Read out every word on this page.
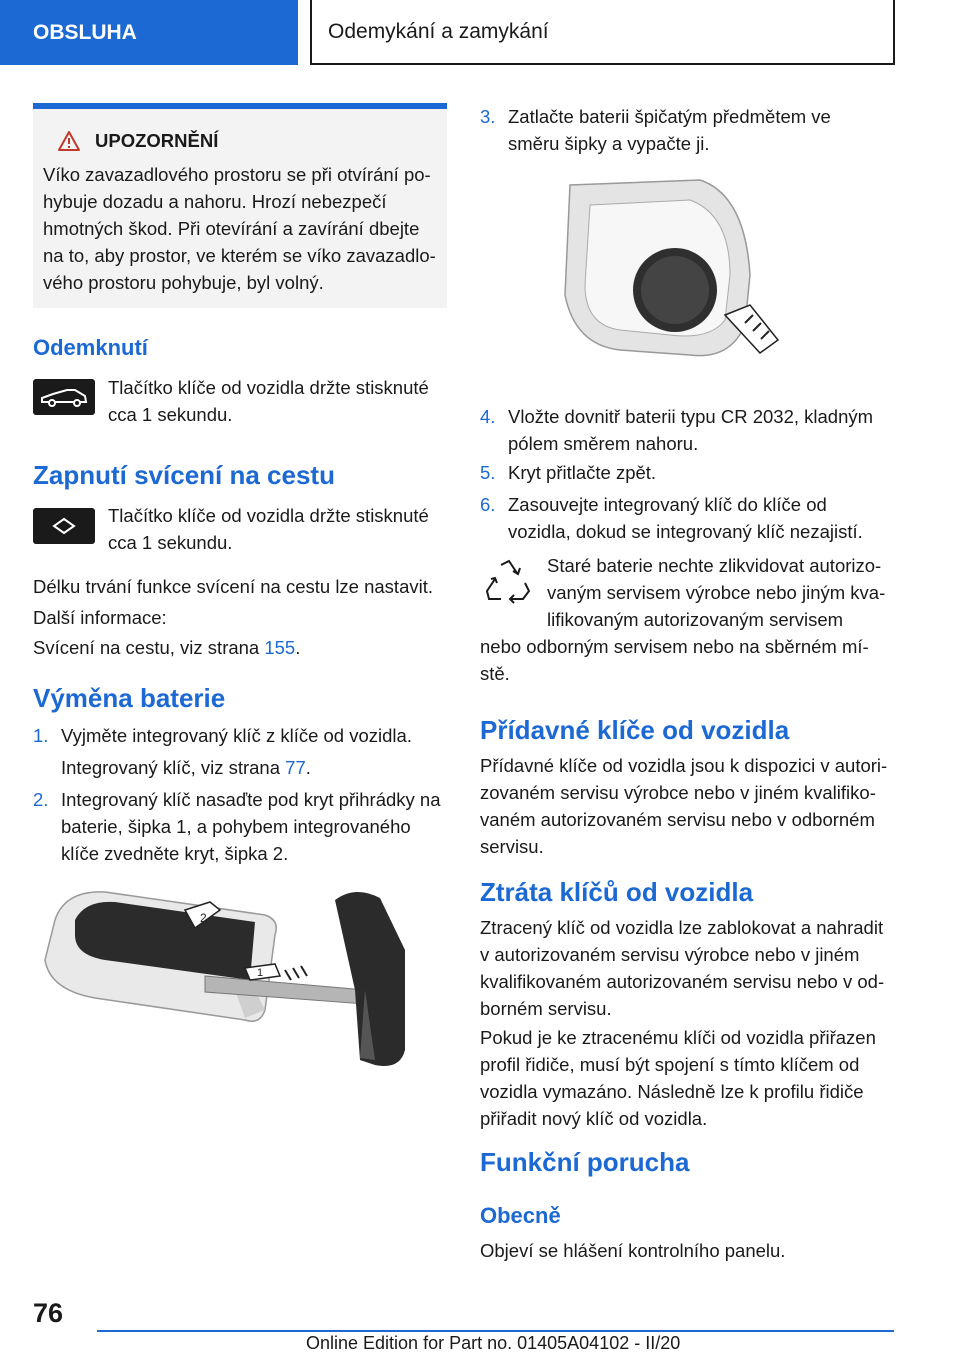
OBSLUHA	Odemykání a zamykání
UPOZORNĚNÍ

Víko zavazadlového prostoru se při otvírání po-

hybuje dozadu a nahoru. Hrozí nebezpečí

hmotných škod. Při otevírání a zavírání dbejte

na to, aby prostor, ve kterém se víko zavazadlo-

vého prostoru pohybuje, byl volný.

Odemknutí

Tlačítko klíče od vozidla držte stisknuté

cca 1 sekundu.

Zapnutí svícení na cestu

Tlačítko klíče od vozidla držte stisknuté

cca 1 sekundu.

Délku trvání funkce svícení na cestu lze nastavit.

Další informace:

Svícení na cestu, viz strana 155.

Výměna baterie
1. Vyjměte integrovaný klíč z klíče od vozidla.

Integrovaný klíč, viz strana 77.

2. Integrovaný klíč nasaďte pod kryt přihrádky na
baterie, šipka 1, a pohybem integrovaného
klíče zvedněte kryt, šipka 2.
2
1
3. Zatlačte baterii špičatým předmětem ve
směru šipky a vypačte ji.
4. Vložte dovnitř baterii typu CR 2032, kladným
pólem směrem nahoru.
5. Kryt přitlačte zpět.
6. Zasouvejte integrovaný klíč do klíče od
vozidla, dokud se integrovaný klíč nezajistí.

Staré baterie nechte zlikvidovat autorizo-

vaným servisem výrobce nebo jiným kva-

lifikovaným autorizovaným servisem

nebo odborným servisem nebo na sběrném mí-

stě.

Přídavné klíče od vozidla

Přídavné klíče od vozidla jsou k dispozici v autori-

zovaném servisu výrobce nebo v jiném kvalifiko-

vaném autorizovaném servisu nebo v odborném

servisu.

Ztráta klíčů od vozidla

Ztracený klíč od vozidla lze zablokovat a nahradit

v autorizovaném servisu výrobce nebo v jiném

kvalifikovaném autorizovaném servisu nebo v od-

borném servisu.

Pokud je ke ztracenému klíči od vozidla přiřazen

profil řidiče, musí být spojení s tímto klíčem od

vozidla vymazáno. Následně lze k profilu řidiče

přiřadit nový klíč od vozidla.

Funkční porucha
Obecně

Objeví se hlášení kontrolního panelu.

76
Online Edition for Part no. 01405A04102 - II/20
